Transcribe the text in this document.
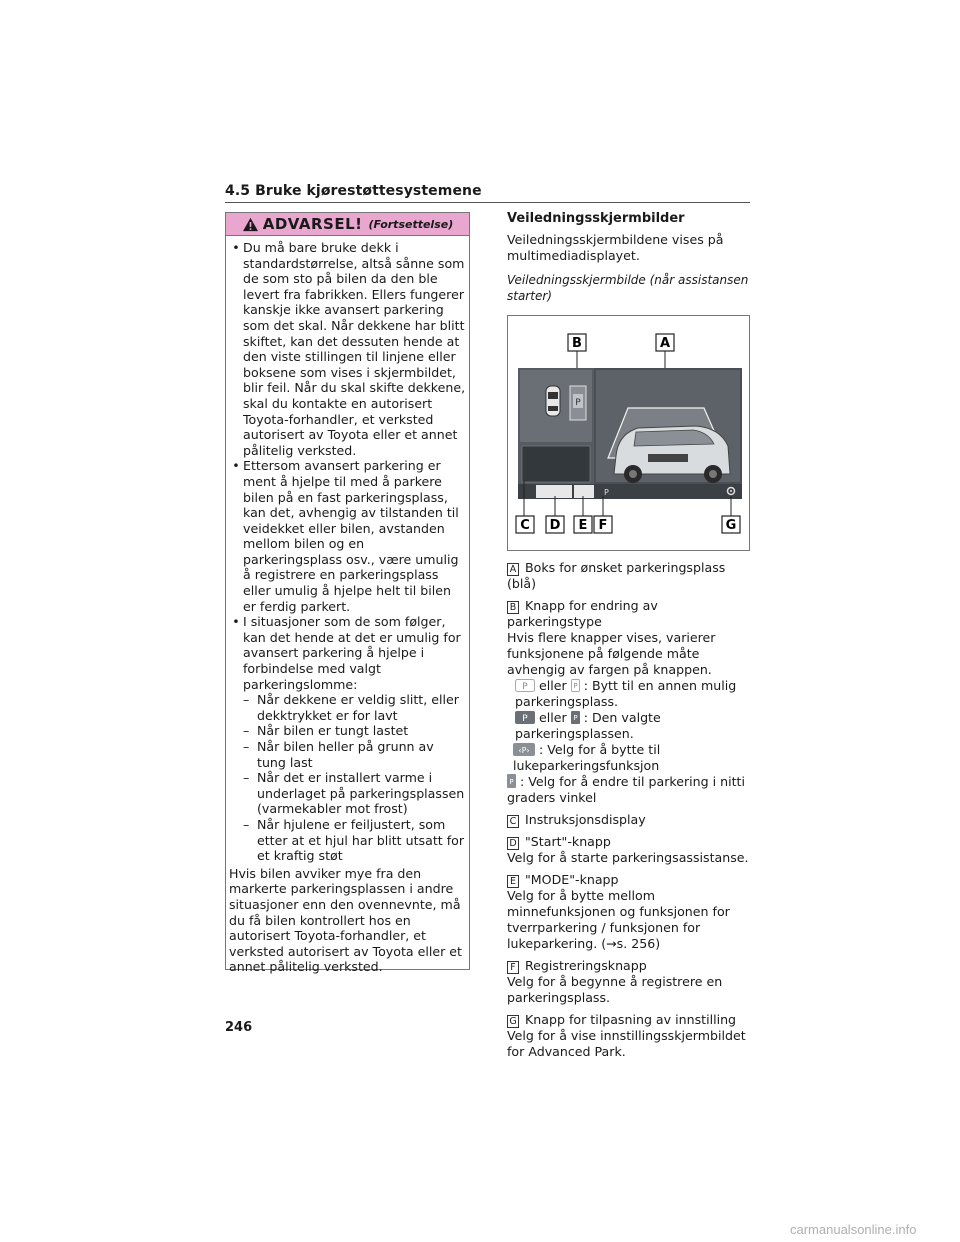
4.5 Bruke kjørestøttesystemene
ADVARSEL! (Fortsettelse)
• Du må bare bruke dekk i standardstørrelse, altså sånne som de som sto på bilen da den ble levert fra fabrikken. Ellers fungerer kanskje ikke avansert parkering som det skal. Når dekkene har blitt skiftet, kan det dessuten hende at den viste stillingen til linjene eller boksene som vises i skjermbildet, blir feil. Når du skal skifte dekkene, skal du kontakte en autorisert Toyota-forhandler, et verksted autorisert av Toyota eller et annet pålitelig verksted.
• Ettersom avansert parkering er ment å hjelpe til med å parkere bilen på en fast parkeringsplass, kan det, avhengig av tilstanden til veidekket eller bilen, avstanden mellom bilen og en parkeringsplass osv., være umulig å registrere en parkeringsplass eller umulig å hjelpe helt til bilen er ferdig parkert.
• I situasjoner som de som følger, kan det hende at det er umulig for avansert parkering å hjelpe i forbindelse med valgt parkeringslomme:
– Når dekkene er veldig slitt, eller dekktrykket er for lavt
– Når bilen er tungt lastet
– Når bilen heller på grunn av tung last
– Når det er installert varme i underlaget på parkeringsplassen (varmekabler mot frost)
– Når hjulene er feiljustert, som etter at et hjul har blitt utsatt for et kraftig støt
Hvis bilen avviker mye fra den markerte parkeringsplassen i andre situasjoner enn den ovennevnte, må du få bilen kontrollert hos en autorisert Toyota-forhandler, et verksted autorisert av Toyota eller et annet pålitelig verksted.
Veiledningsskjermbilder
Veiledningsskjermbildene vises på multimediadisplayet.
Veiledningsskjermbilde (når assistansen starter)
B	A
P
P
C D E F	G
A Boks for ønsket parkeringsplass (blå)
B Knapp for endring av parkeringstype
Hvis flere knapper vises, varierer funksjonene på følgende måte avhengig av fargen på knappen.
P eller P : Bytt til en annen mulig parkeringsplass.
P eller P : Den valgte parkeringsplassen.
‹P› : Velg for å bytte til lukeparkeringsfunksjon
P : Velg for å endre til parkering i nitti graders vinkel
C Instruksjonsdisplay
D "Start"-knapp
Velg for å starte parkeringsassistanse.
E "MODE"-knapp
Velg for å bytte mellom minnefunksjonen og funksjonen for tverrparkering / funksjonen for lukeparkering. (→s. 256)
F Registreringsknapp
Velg for å begynne å registrere en parkeringsplass.
G Knapp for tilpasning av innstilling
Velg for å vise innstillingsskjermbildet for Advanced Park.
246
carmanualsonline.info
